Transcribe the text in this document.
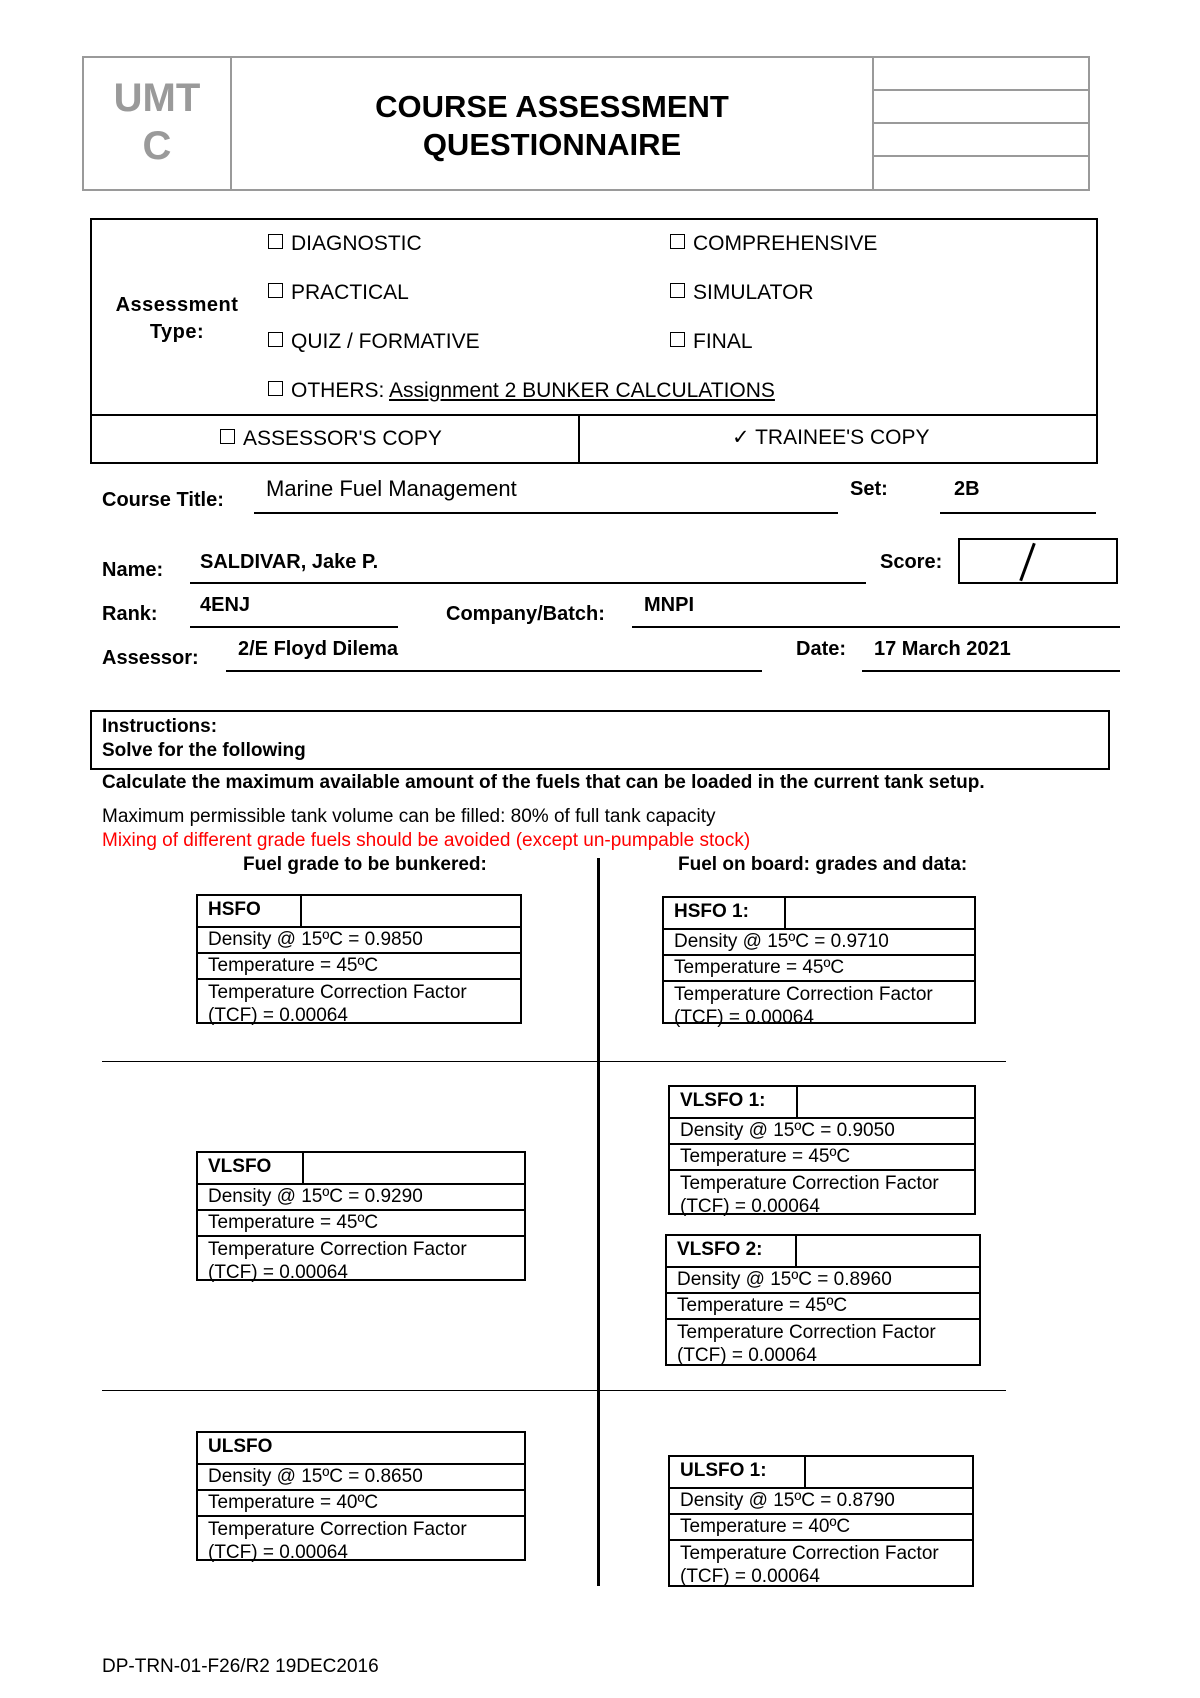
UMT
C
COURSE ASSESSMENT
QUESTIONNAIRE
Assessment
Type:
DIAGNOSTIC	COMPREHENSIVE
PRACTICAL	SIMULATOR
QUIZ / FORMATIVE	FINAL
OTHERS: Assignment 2 BUNKER CALCULATIONS
ASSESSOR'S COPY	✓ TRAINEE'S COPY
Course Title: Marine Fuel Management	Set:	2B
Name: SALDIVAR, Jake P.	Score:
Rank: 4ENJ	Company/Batch: MNPI
Assessor: 2/E Floyd Dilema	Date: 17 March 2021
Instructions:
Solve for the following
Calculate the maximum available amount of the fuels that can be loaded in the current tank setup.
Maximum permissible tank volume can be filled: 80% of full tank capacity
Mixing of different grade fuels should be avoided (except un-pumpable stock)
Fuel grade to be bunkered:	Fuel on board: grades and data:
HSFO
Density @ 15ºC = 0.9850
Temperature = 45ºC
Temperature Correction Factor
(TCF) = 0.00064
VLSFO
Density @ 15ºC = 0.9290
Temperature = 45ºC
Temperature Correction Factor
(TCF) = 0.00064
ULSFO
Density @ 15ºC = 0.8650
Temperature = 40ºC
Temperature Correction Factor
(TCF) = 0.00064
HSFO 1:
Density @ 15ºC = 0.9710
Temperature = 45ºC
Temperature Correction Factor
(TCF) = 0.00064
VLSFO 1:
Density @ 15ºC = 0.9050
Temperature = 45ºC
Temperature Correction Factor
(TCF) = 0.00064
VLSFO 2:
Density @ 15ºC = 0.8960
Temperature = 45ºC
Temperature Correction Factor
(TCF) = 0.00064
ULSFO 1:
Density @ 15ºC = 0.8790
Temperature = 40ºC
Temperature Correction Factor
(TCF) = 0.00064
DP-TRN-01-F26/R2 19DEC2016
